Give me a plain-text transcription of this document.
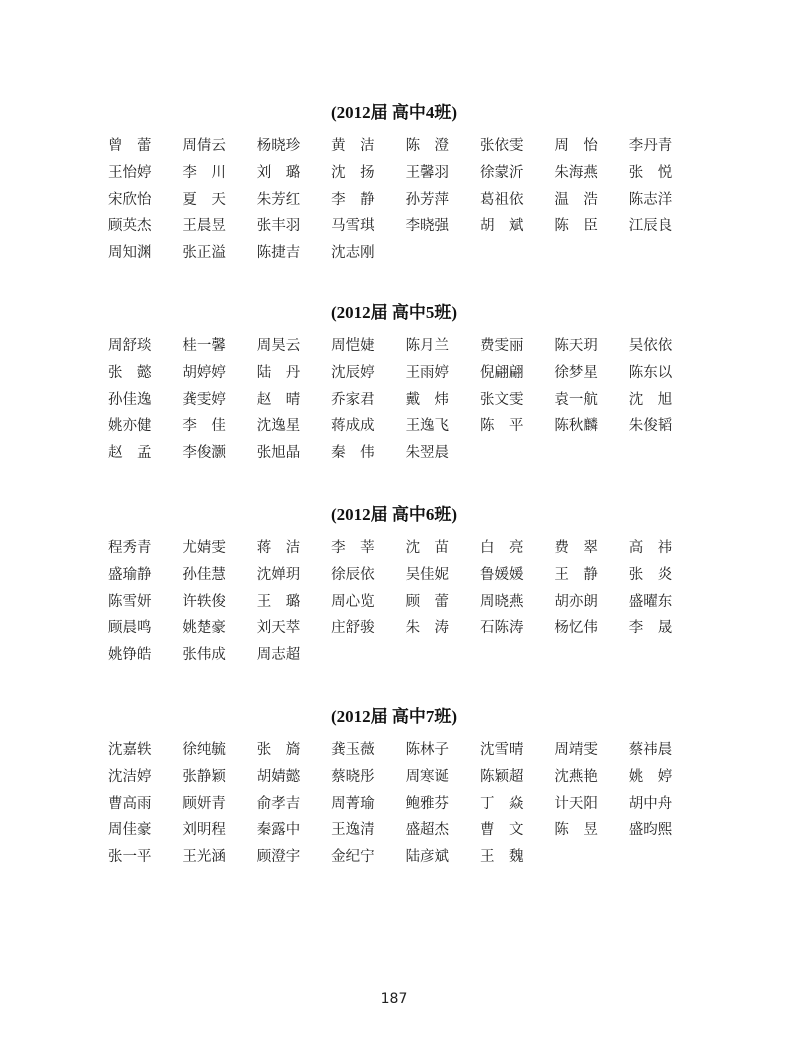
(2012届 高中4班)
曾　蕾	周倩云	杨晓珍	黄　洁	陈　澄	张依雯	周　怡	李丹青
王怡婷	李　川	刘　璐	沈　扬	王馨羽	徐蒙沂	朱海燕	张　悦
宋欣怡	夏　天	朱芳红	李　静	孙芳萍	葛祖依	温　浩	陈志洋
顾英杰	王晨昱	张丰羽	马雪琪	李晓强	胡　斌	陈　臣	江辰良
周知渊	张正溢	陈捷吉	沈志刚
(2012届 高中5班)
周舒琰	桂一馨	周昊云	周恺婕	陈月兰	费雯丽	陈天玥	吴依依
张　懿	胡婷婷	陆　丹	沈辰婷	王雨婷	倪翩翩	徐梦星	陈东以
孙佳逸	龚雯婷	赵　晴	乔家君	戴　炜	张文雯	袁一航	沈　旭
姚亦健	李　佳	沈逸星	蒋成成	王逸飞	陈　平	陈秋麟	朱俊韬
赵　孟	李俊灏	张旭晶	秦　伟	朱翌晨
(2012届 高中6班)
程秀青	尤婧雯	蒋　洁	李　莘	沈　苗	白　亮	费　翠	高　祎
盛瑜静	孙佳慧	沈婵玥	徐辰依	吴佳妮	鲁媛媛	王　静	张　炎
陈雪妍	许轶俊	王　璐	周心览	顾　蕾	周晓燕	胡亦朗	盛曜东
顾晨鸣	姚楚豪	刘天萃	庄舒骏	朱　涛	石陈涛	杨忆伟	李　晟
姚铮皓	张伟成	周志超
(2012届 高中7班)
沈嘉轶	徐纯毓	张　旖	龚玉薇	陈林子	沈雪晴	周靖雯	蔡祎晨
沈洁婷	张静颖	胡婧懿	蔡晓彤	周寒诞	陈颖超	沈燕艳	姚　婷
曹高雨	顾妍青	俞孝吉	周菁瑜	鲍雅芬	丁　焱	计天阳	胡中舟
周佳豪	刘明程	秦露中	王逸清	盛超杰	曹　文	陈　昱	盛昀熙
张一平	王光涵	顾澄宇	金纪宁	陆彦斌	王　魏
187
